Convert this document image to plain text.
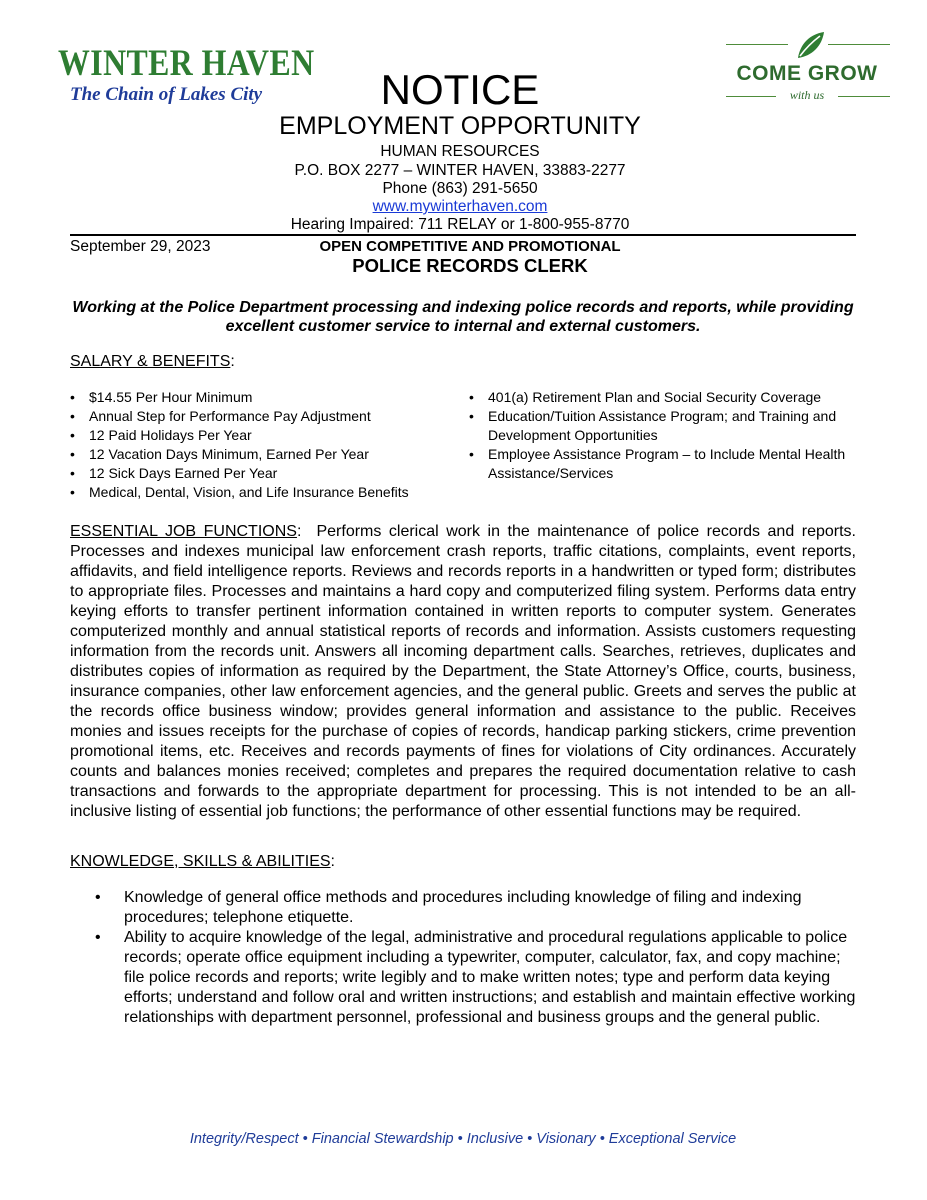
WINTER HAVEN
The Chain of Lakes City
COME GROW
with us
NOTICE
EMPLOYMENT OPPORTUNITY
HUMAN RESOURCES
P.O. BOX 2277 – WINTER HAVEN, 33883-2277
Phone (863) 291-5650
www.mywinterhaven.com
Hearing Impaired: 711 RELAY or 1-800-955-8770
September 29, 2023	OPEN COMPETITIVE AND PROMOTIONAL
POLICE RECORDS CLERK
Working at the Police Department processing and indexing police records and reports, while providing excellent customer service to internal and external customers.
SALARY & BENEFITS:
• $14.55 Per Hour Minimum
• Annual Step for Performance Pay Adjustment
• 12 Paid Holidays Per Year
• 12 Vacation Days Minimum, Earned Per Year
• 12 Sick Days Earned Per Year
• Medical, Dental, Vision, and Life Insurance Benefits
• 401(a) Retirement Plan and Social Security Coverage
• Education/Tuition Assistance Program; and Training and Development Opportunities
• Employee Assistance Program – to Include Mental Health Assistance/Services
ESSENTIAL JOB FUNCTIONS:  Performs clerical work in the maintenance of police records and reports. Processes and indexes municipal law enforcement crash reports, traffic citations, complaints, event reports, affidavits, and field intelligence reports. Reviews and records reports in a handwritten or typed form; distributes to appropriate files. Processes and maintains a hard copy and computerized filing system. Performs data entry keying efforts to transfer pertinent information contained in written reports to computer system. Generates computerized monthly and annual statistical reports of records and information. Assists customers requesting information from the records unit. Answers all incoming department calls. Searches, retrieves, duplicates and distributes copies of information as required by the Department, the State Attorney’s Office, courts, business, insurance companies, other law enforcement agencies, and the general public. Greets and serves the public at the records office business window; provides general information and assistance to the public. Receives monies and issues receipts for the purchase of copies of records, handicap parking stickers, crime prevention promotional items, etc. Receives and records payments of fines for violations of City ordinances. Accurately counts and balances monies received; completes and prepares the required documentation relative to cash transactions and forwards to the appropriate department for processing. This is not intended to be an all-inclusive listing of essential job functions; the performance of other essential functions may be required.
KNOWLEDGE, SKILLS & ABILITIES:
• Knowledge of general office methods and procedures including knowledge of filing and indexing procedures; telephone etiquette.
• Ability to acquire knowledge of the legal, administrative and procedural regulations applicable to police records; operate office equipment including a typewriter, computer, calculator, fax, and copy machine; file police records and reports; write legibly and to make written notes; type and perform data keying efforts; understand and follow oral and written instructions; and establish and maintain effective working relationships with department personnel, professional and business groups and the general public.
Integrity/Respect • Financial Stewardship • Inclusive • Visionary • Exceptional Service
